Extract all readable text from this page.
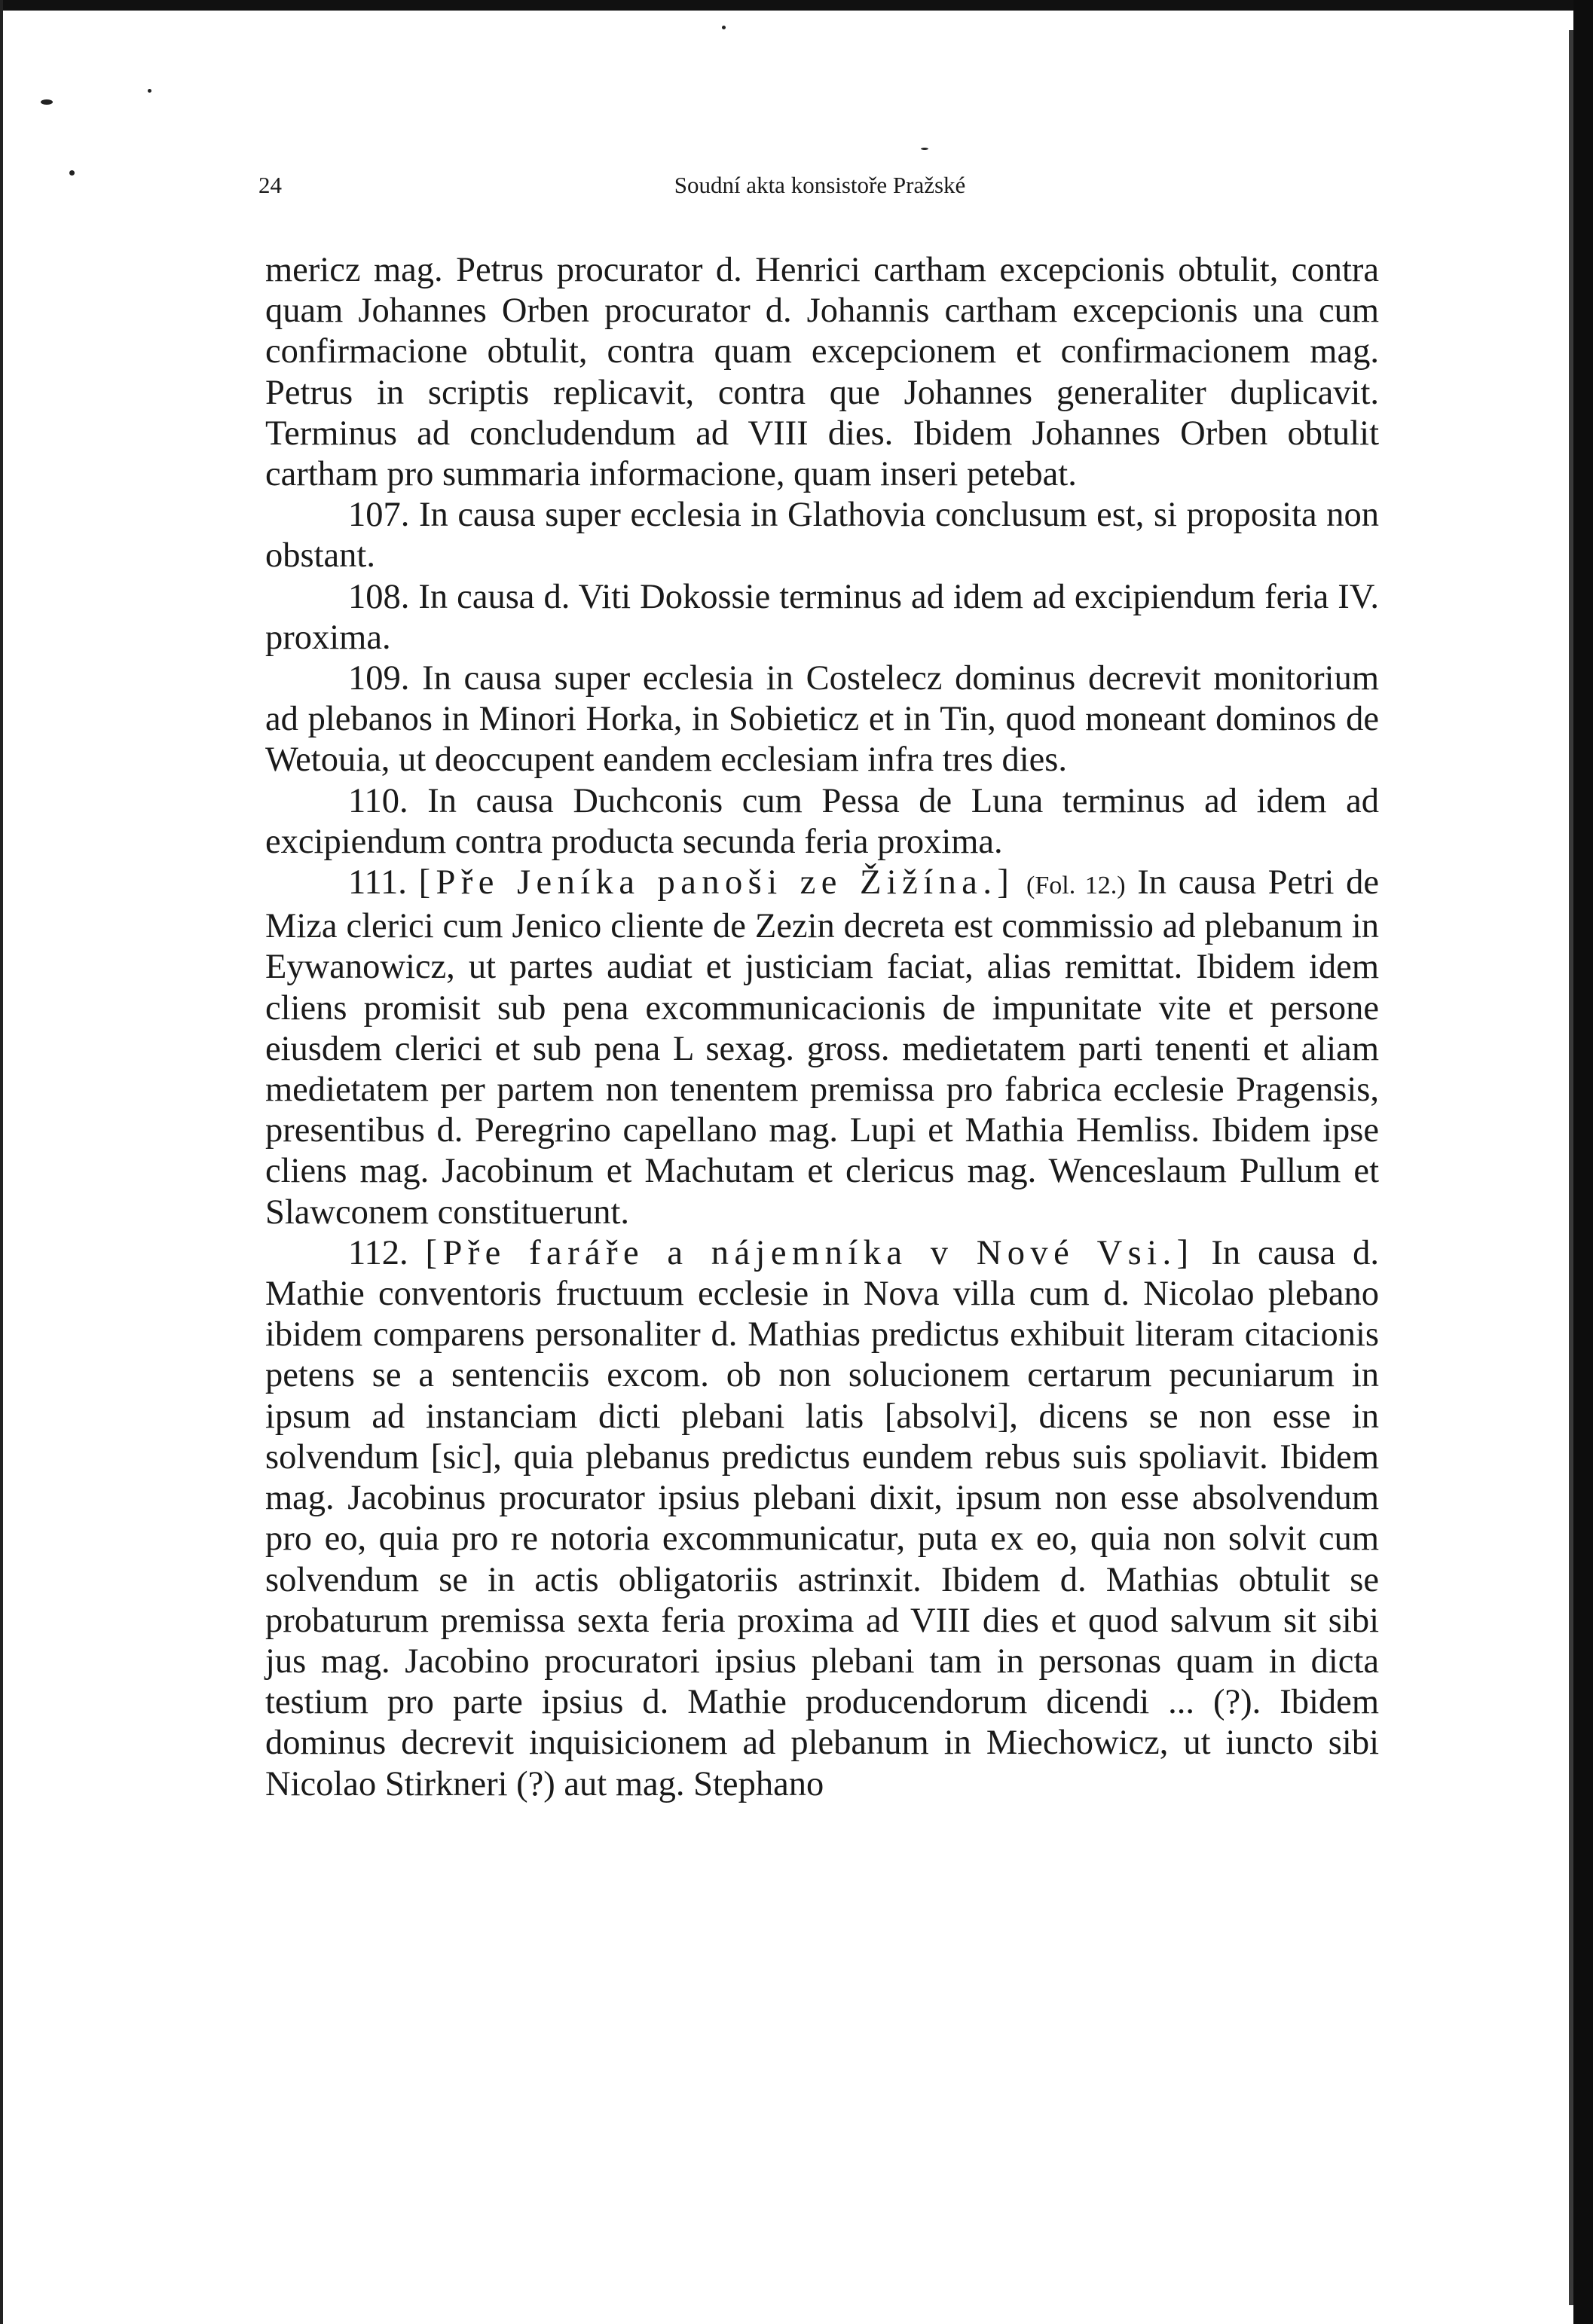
24	Soudní akta konsistoře Pražské

mericz mag. Petrus procurator d. Henrici cartham excepcionis obtulit, contra quam Johannes Orben procurator d. Johannis cartham excepcionis una cum confirmacione obtulit, contra quam excepcionem et confirmacionem mag. Petrus in scriptis replicavit, contra que Johannes generaliter duplicavit. Terminus ad concludendum ad VIII dies. Ibidem Johannes Orben obtulit cartham pro summaria informacione, quam inseri petebat.

107. In causa super ecclesia in Glathovia conclusum est, si proposita non obstant.

108. In causa d. Viti Dokossie terminus ad idem ad excipiendum feria IV. proxima.

109. In causa super ecclesia in Costelecz dominus decrevit monitorium ad plebanos in Minori Horka, in Sobieticz et in Tin, quod moneant dominos de Wetouia, ut deoccupent eandem ecclesiam infra tres dies.

110. In causa Duchconis cum Pessa de Luna terminus ad idem ad excipiendum contra producta secunda feria proxima.

111. [Pře Jeníka panoši ze Žižína.] (Fol. 12.) In causa Petri de Miza clerici cum Jenico cliente de Zezin decreta est commissio ad plebanum in Eywanowicz, ut partes audiat et justiciam faciat, alias remittat. Ibidem idem cliens promisit sub pena excommunicacionis de impunitate vite et persone eiusdem clerici et sub pena L sexag. gross. medietatem parti tenenti et aliam medietatem per partem non tenentem premissa pro fabrica ecclesie Pragensis, presentibus d. Peregrino capellano mag. Lupi et Mathia Hemliss. Ibidem ipse cliens mag. Jacobinum et Machutam et clericus mag. Wenceslaum Pullum et Slawconem constituerunt.

112. [Pře faráře a nájemníka v Nové Vsi.] In causa d. Mathie conventoris fructuum ecclesie in Nova villa cum d. Nicolao plebano ibidem comparens personaliter d. Mathias predictus exhibuit literam citacionis petens se a sentenciis excom. ob non solucionem certarum pecuniarum in ipsum ad instanciam dicti plebani latis [absolvi], dicens se non esse in solvendum [sic], quia plebanus predictus eundem rebus suis spoliavit. Ibidem mag. Jacobinus procurator ipsius plebani dixit, ipsum non esse absolvendum pro eo, quia pro re notoria excommunicatur, puta ex eo, quia non solvit cum solvendum se in actis obligatoriis astrinxit. Ibidem d. Mathias obtulit se probaturum premissa sexta feria proxima ad VIII dies et quod salvum sit sibi jus mag. Jacobino procuratori ipsius plebani tam in personas quam in dicta testium pro parte ipsius d. Mathie producendorum dicendi ... (?). Ibidem dominus decrevit inquisicionem ad plebanum in Miechowicz, ut iuncto sibi Nicolao Stirkneri (?) aut mag. Stephano
